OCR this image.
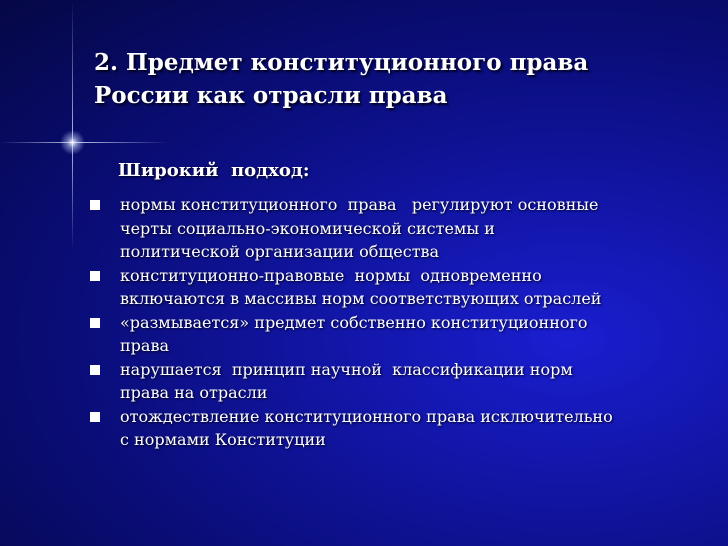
2. Предмет конституционного права
России как отрасли права

Широкий  подход:

нормы конституционного  права   регулируют основные
черты социально-экономической системы и
политической организации общества
конституционно-правовые  нормы  одновременно
включаются в массивы норм соответствующих отраслей
«размывается» предмет собственно конституционного
права
нарушается  принцип научной  классификации норм
права на отрасли
отождествление конституционного права исключительно
с нормами Конституции
